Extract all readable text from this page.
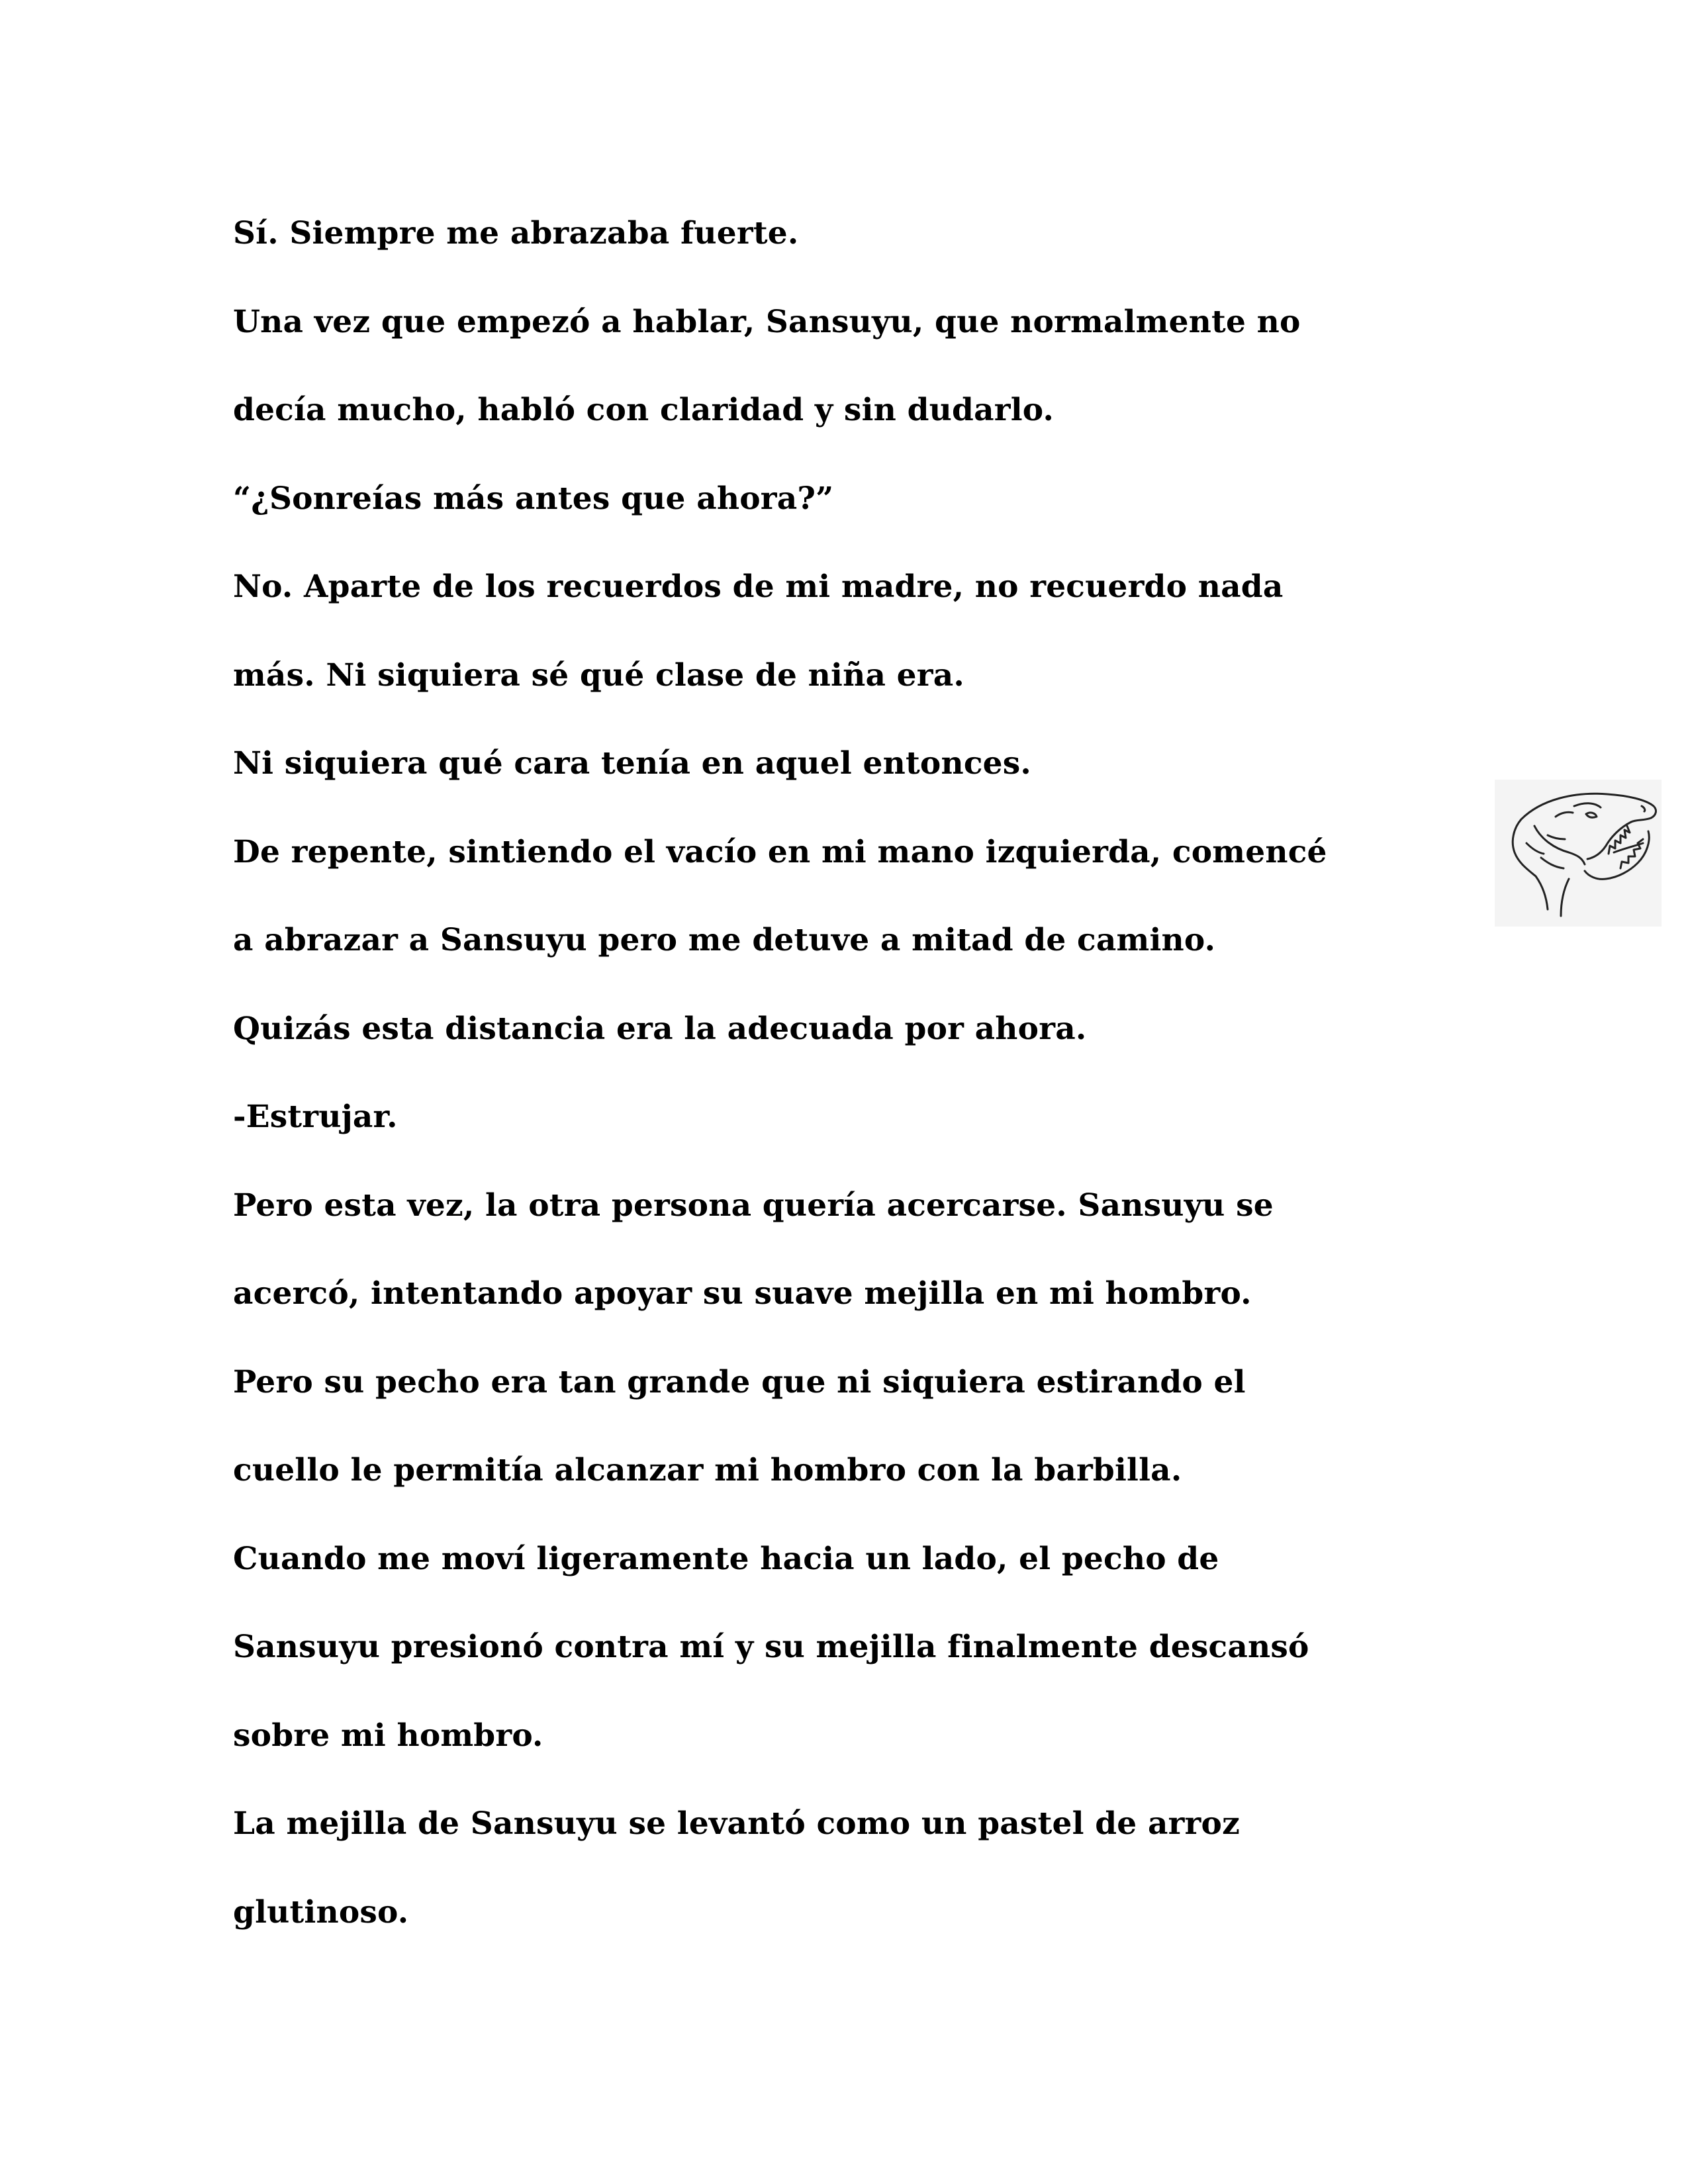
Sí. Siempre me abrazaba fuerte.
Una vez que empezó a hablar, Sansuyu, que normalmente no
decía mucho, habló con claridad y sin dudarlo.
“¿Sonreías más antes que ahora?”
No. Aparte de los recuerdos de mi madre, no recuerdo nada
más. Ni siquiera sé qué clase de niña era.
Ni siquiera qué cara tenía en aquel entonces.
De repente, sintiendo el vacío en mi mano izquierda, comencé
a abrazar a Sansuyu pero me detuve a mitad de camino.
Quizás esta distancia era la adecuada por ahora.
-Estrujar.
Pero esta vez, la otra persona quería acercarse. Sansuyu se
acercó, intentando apoyar su suave mejilla en mi hombro.
Pero su pecho era tan grande que ni siquiera estirando el
cuello le permitía alcanzar mi hombro con la barbilla.
Cuando me moví ligeramente hacia un lado, el pecho de
Sansuyu presionó contra mí y su mejilla finalmente descansó
sobre mi hombro.
La mejilla de Sansuyu se levantó como un pastel de arroz
glutinoso.
